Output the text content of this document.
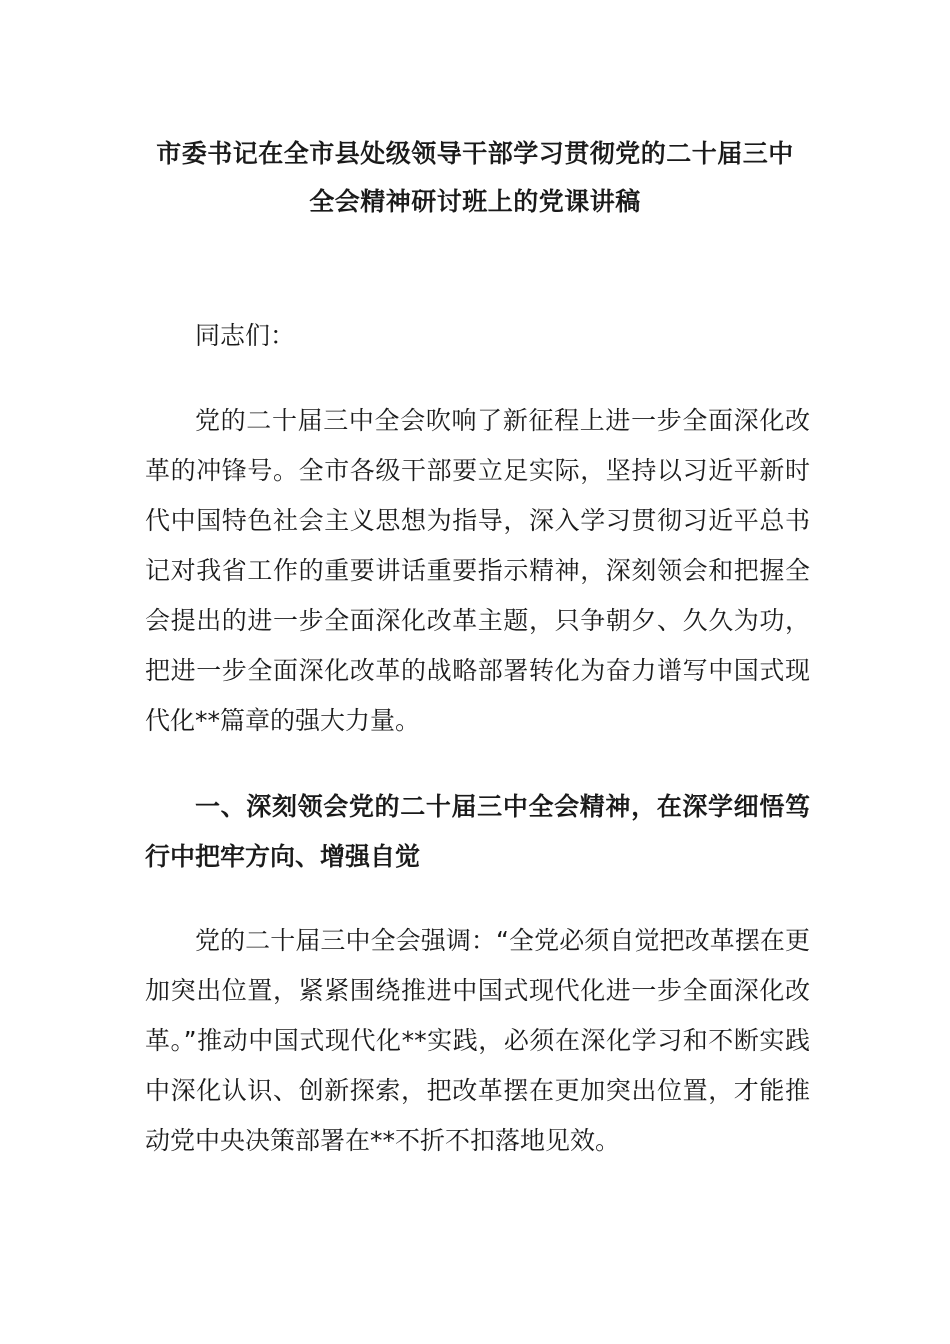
市委书记在全市县处级领导干部学习贯彻党的二十届三中
全会精神研讨班上的党课讲稿

同志们：

党的二十届三中全会吹响了新征程上进一步全面深化改革的冲锋号。全市各级干部要立足实际，坚持以习近平新时代中国特色社会主义思想为指导，深入学习贯彻习近平总书记对我省工作的重要讲话重要指示精神，深刻领会和把握全会提出的进一步全面深化改革主题，只争朝夕、久久为功，把进一步全面深化改革的战略部署转化为奋力谱写中国式现代化**篇章的强大力量。

一、深刻领会党的二十届三中全会精神，在深学细悟笃行中把牢方向、增强自觉

党的二十届三中全会强调：“全党必须自觉把改革摆在更加突出位置，紧紧围绕推进中国式现代化进一步全面深化改革。”推动中国式现代化**实践，必须在深化学习和不断实践中深化认识、创新探索，把改革摆在更加突出位置，才能推动党中央决策部署在**不折不扣落地见效。
